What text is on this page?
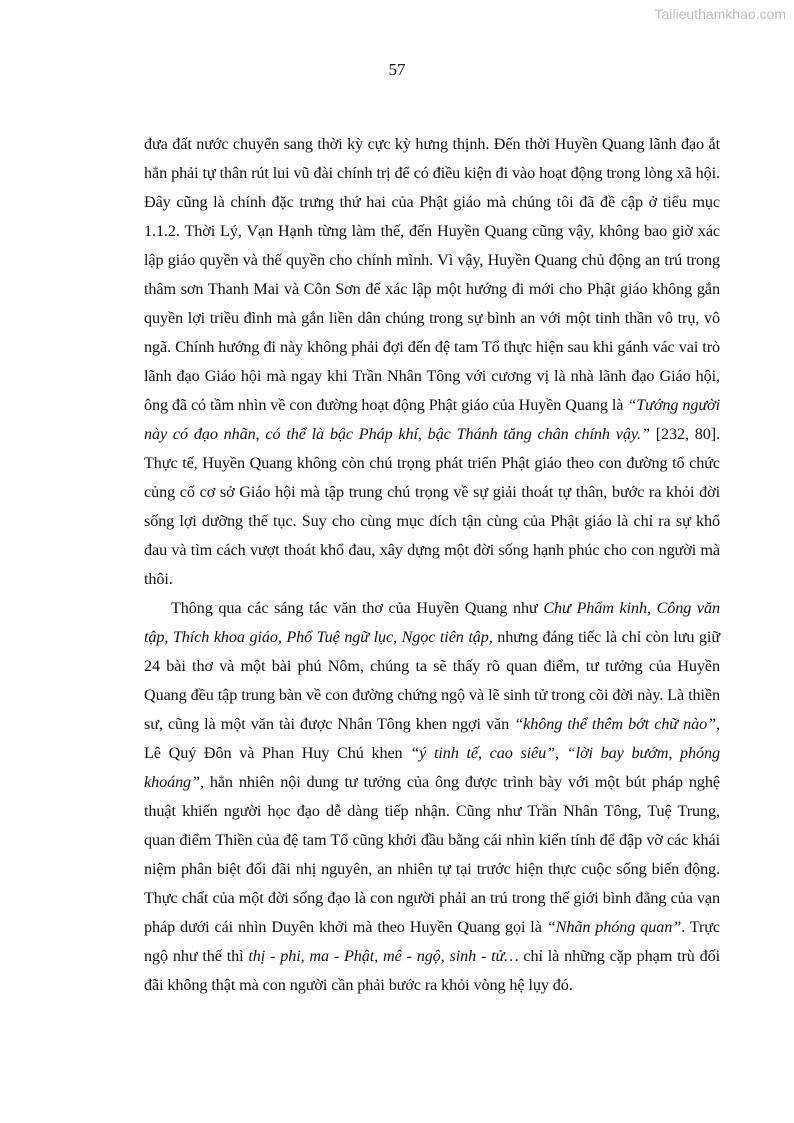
Tailieuthamkhao.com
57

đưa đất nước chuyển sang thời kỳ cực kỳ hưng thịnh. Đến thời Huyền Quang lãnh đạo ắt hẳn phải tự thân rút lui vũ đài chính trị để có điều kiện đi vào hoạt động trong lòng xã hội. Đây cũng là chính đặc trưng thứ hai của Phật giáo mà chúng tôi đã đề cập ở tiểu mục 1.1.2. Thời Lý, Vạn Hạnh từng làm thế, đến Huyền Quang cũng vậy, không bao giờ xác lập giáo quyền và thế quyền cho chính mình. Vì vậy, Huyền Quang chủ động an trú trong thâm sơn Thanh Mai và Côn Sơn để xác lập một hướng đi mới cho Phật giáo không gắn quyền lợi triều đình mà gắn liền dân chúng trong sự bình an với một tinh thần vô trụ, vô ngã. Chính hướng đi này không phải đợi đến đệ tam Tổ thực hiện sau khi gánh vác vai trò lãnh đạo Giáo hội mà ngay khi Trần Nhân Tông với cương vị là nhà lãnh đạo Giáo hội, ông đã có tầm nhìn về con đường hoạt động Phật giáo của Huyền Quang là “Tướng người này có đạo nhãn, có thể là bậc Pháp khí, bậc Thánh tăng chân chính vậy.” [232, 80]. Thực tế, Huyền Quang không còn chú trọng phát triển Phật giáo theo con đường tổ chức củng cố cơ sở Giáo hội mà tập trung chú trọng về sự giải thoát tự thân, bước ra khỏi đời sống lợi dưỡng thế tục. Suy cho cùng mục đích tận cùng của Phật giáo là chỉ ra sự khổ đau và tìm cách vượt thoát khổ đau, xây dựng một đời sống hạnh phúc cho con người mà thôi.

Thông qua các sáng tác văn thơ của Huyền Quang như Chư Phẩm kinh, Công văn tập, Thích khoa giáo, Phổ Tuệ ngữ lục, Ngọc tiên tập, nhưng đáng tiếc là chỉ còn lưu giữ 24 bài thơ và một bài phú Nôm, chúng ta sẽ thấy rõ quan điểm, tư tưởng của Huyền Quang đều tập trung bàn về con đường chứng ngộ và lẽ sinh tử trong cõi đời này. Là thiền sư, cũng là một văn tài được Nhân Tông khen ngợi văn “không thể thêm bớt chữ nào”, Lê Quý Đôn và Phan Huy Chú khen “ý tinh tế, cao siêu”, “lời bay bướm, phóng khoáng”, hẳn nhiên nội dung tư tưởng của ông được trình bày với một bút pháp nghệ thuật khiến người học đạo dễ dàng tiếp nhận. Cũng như Trần Nhân Tông, Tuệ Trung, quan điểm Thiền của đệ tam Tổ cũng khởi đầu bằng cái nhìn kiến tính để đập vỡ các khái niệm phân biệt đối đãi nhị nguyên, an nhiên tự tại trước hiện thực cuộc sống biến động. Thực chất của một đời sống đạo là con người phải an trú trong thế giới bình đẳng của vạn pháp dưới cái nhìn Duyên khởi mà theo Huyền Quang gọi là “Nhãn phóng quan”. Trực ngộ như thế thì thị - phi, ma - Phật, mê - ngộ, sinh - tử… chỉ là những cặp phạm trù đối đãi không thật mà con người cần phải bước ra khỏi vòng hệ lụy đó.
